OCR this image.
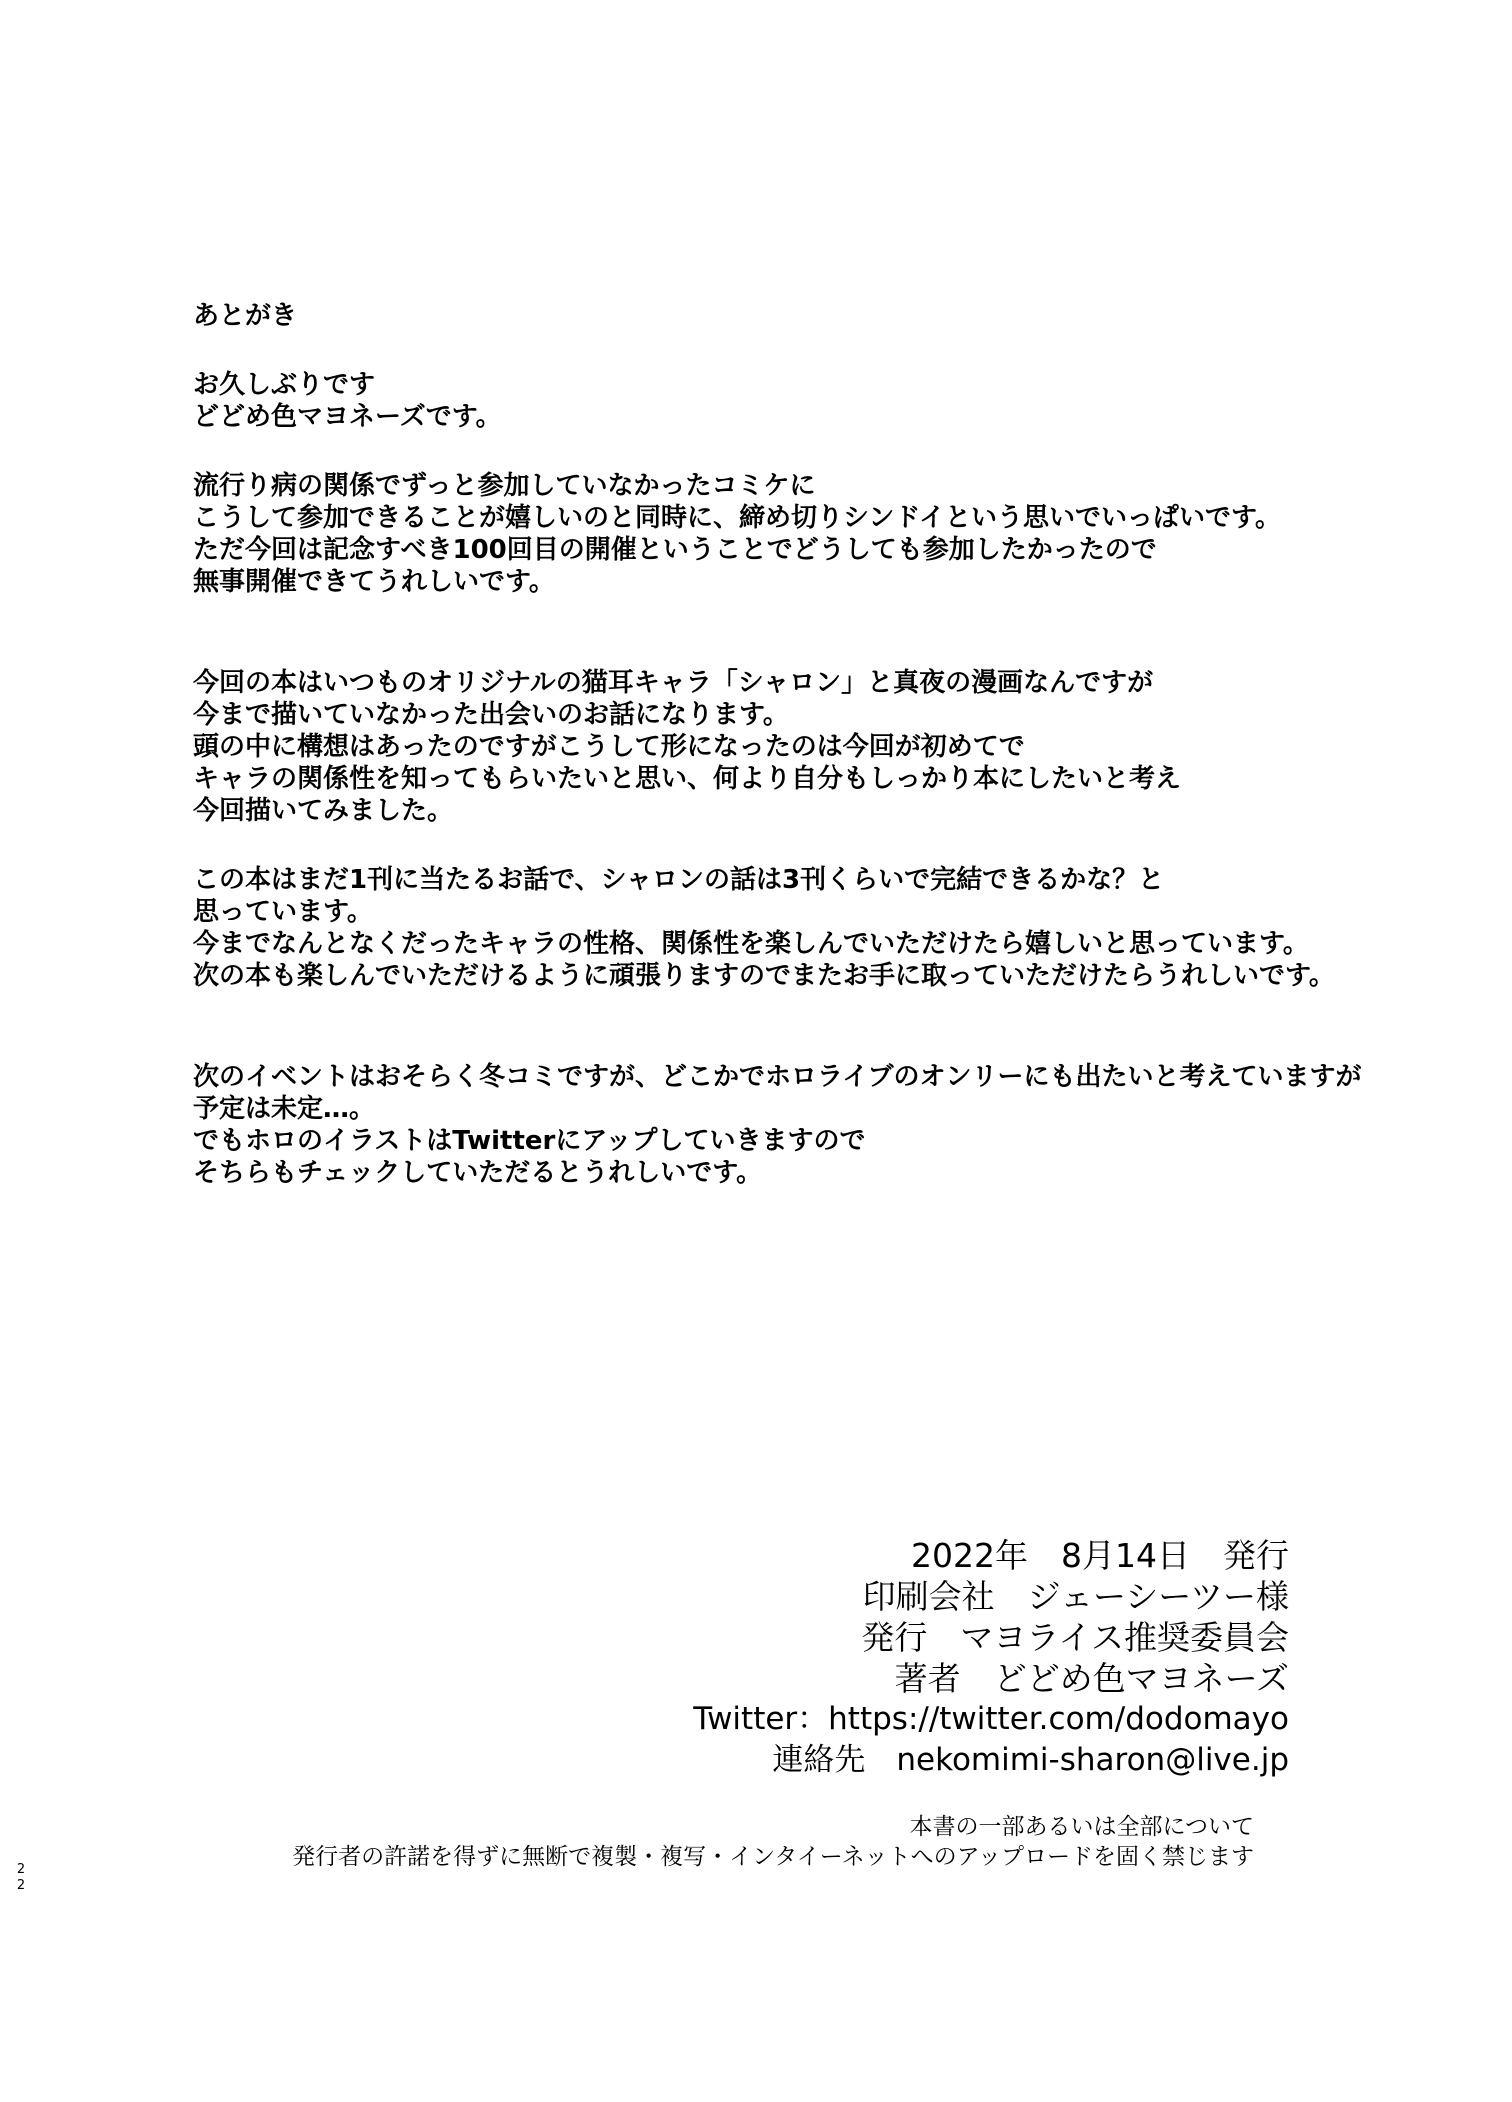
あとがき
お久しぶりです
どどめ色マヨネーズです。
流行り病の関係でずっと参加していなかったコミケに
こうして参加できることが嬉しいのと同時に、締め切りシンドイという思いでいっぱいです。
ただ今回は記念すべき100回目の開催ということでどうしても参加したかったので
無事開催できてうれしいです。
今回の本はいつものオリジナルの猫耳キャラ「シャロン」と真夜の漫画なんですが
今まで描いていなかった出会いのお話になります。
頭の中に構想はあったのですがこうして形になったのは今回が初めてで
キャラの関係性を知ってもらいたいと思い、何より自分もしっかり本にしたいと考え
今回描いてみました。
この本はまだ1刊に当たるお話で、シャロンの話は3刊くらいで完結できるかな？と
思っています。
今までなんとなくだったキャラの性格、関係性を楽しんでいただけたら嬉しいと思っています。
次の本も楽しんでいただけるように頑張りますのでまたお手に取っていただけたらうれしいです。
次のイベントはおそらく冬コミですが、どこかでホロライブのオンリーにも出たいと考えていますが
予定は未定…。
でもホロのイラストはTwitterにアップしていきますので
そちらもチェックしていただるとうれしいです。
2022年　8月14日　発行
印刷会社　ジェーシーツー様
発行　マヨライス推奨委員会
著者　どどめ色マヨネーズ
Twitter：https://twitter.com/dodomayo
連絡先　nekomimi-sharon@live.jp
本書の一部あるいは全部について
発行者の許諾を得ずに無断で複製・複写・インタイーネットへのアップロードを固く禁じます
2
2
